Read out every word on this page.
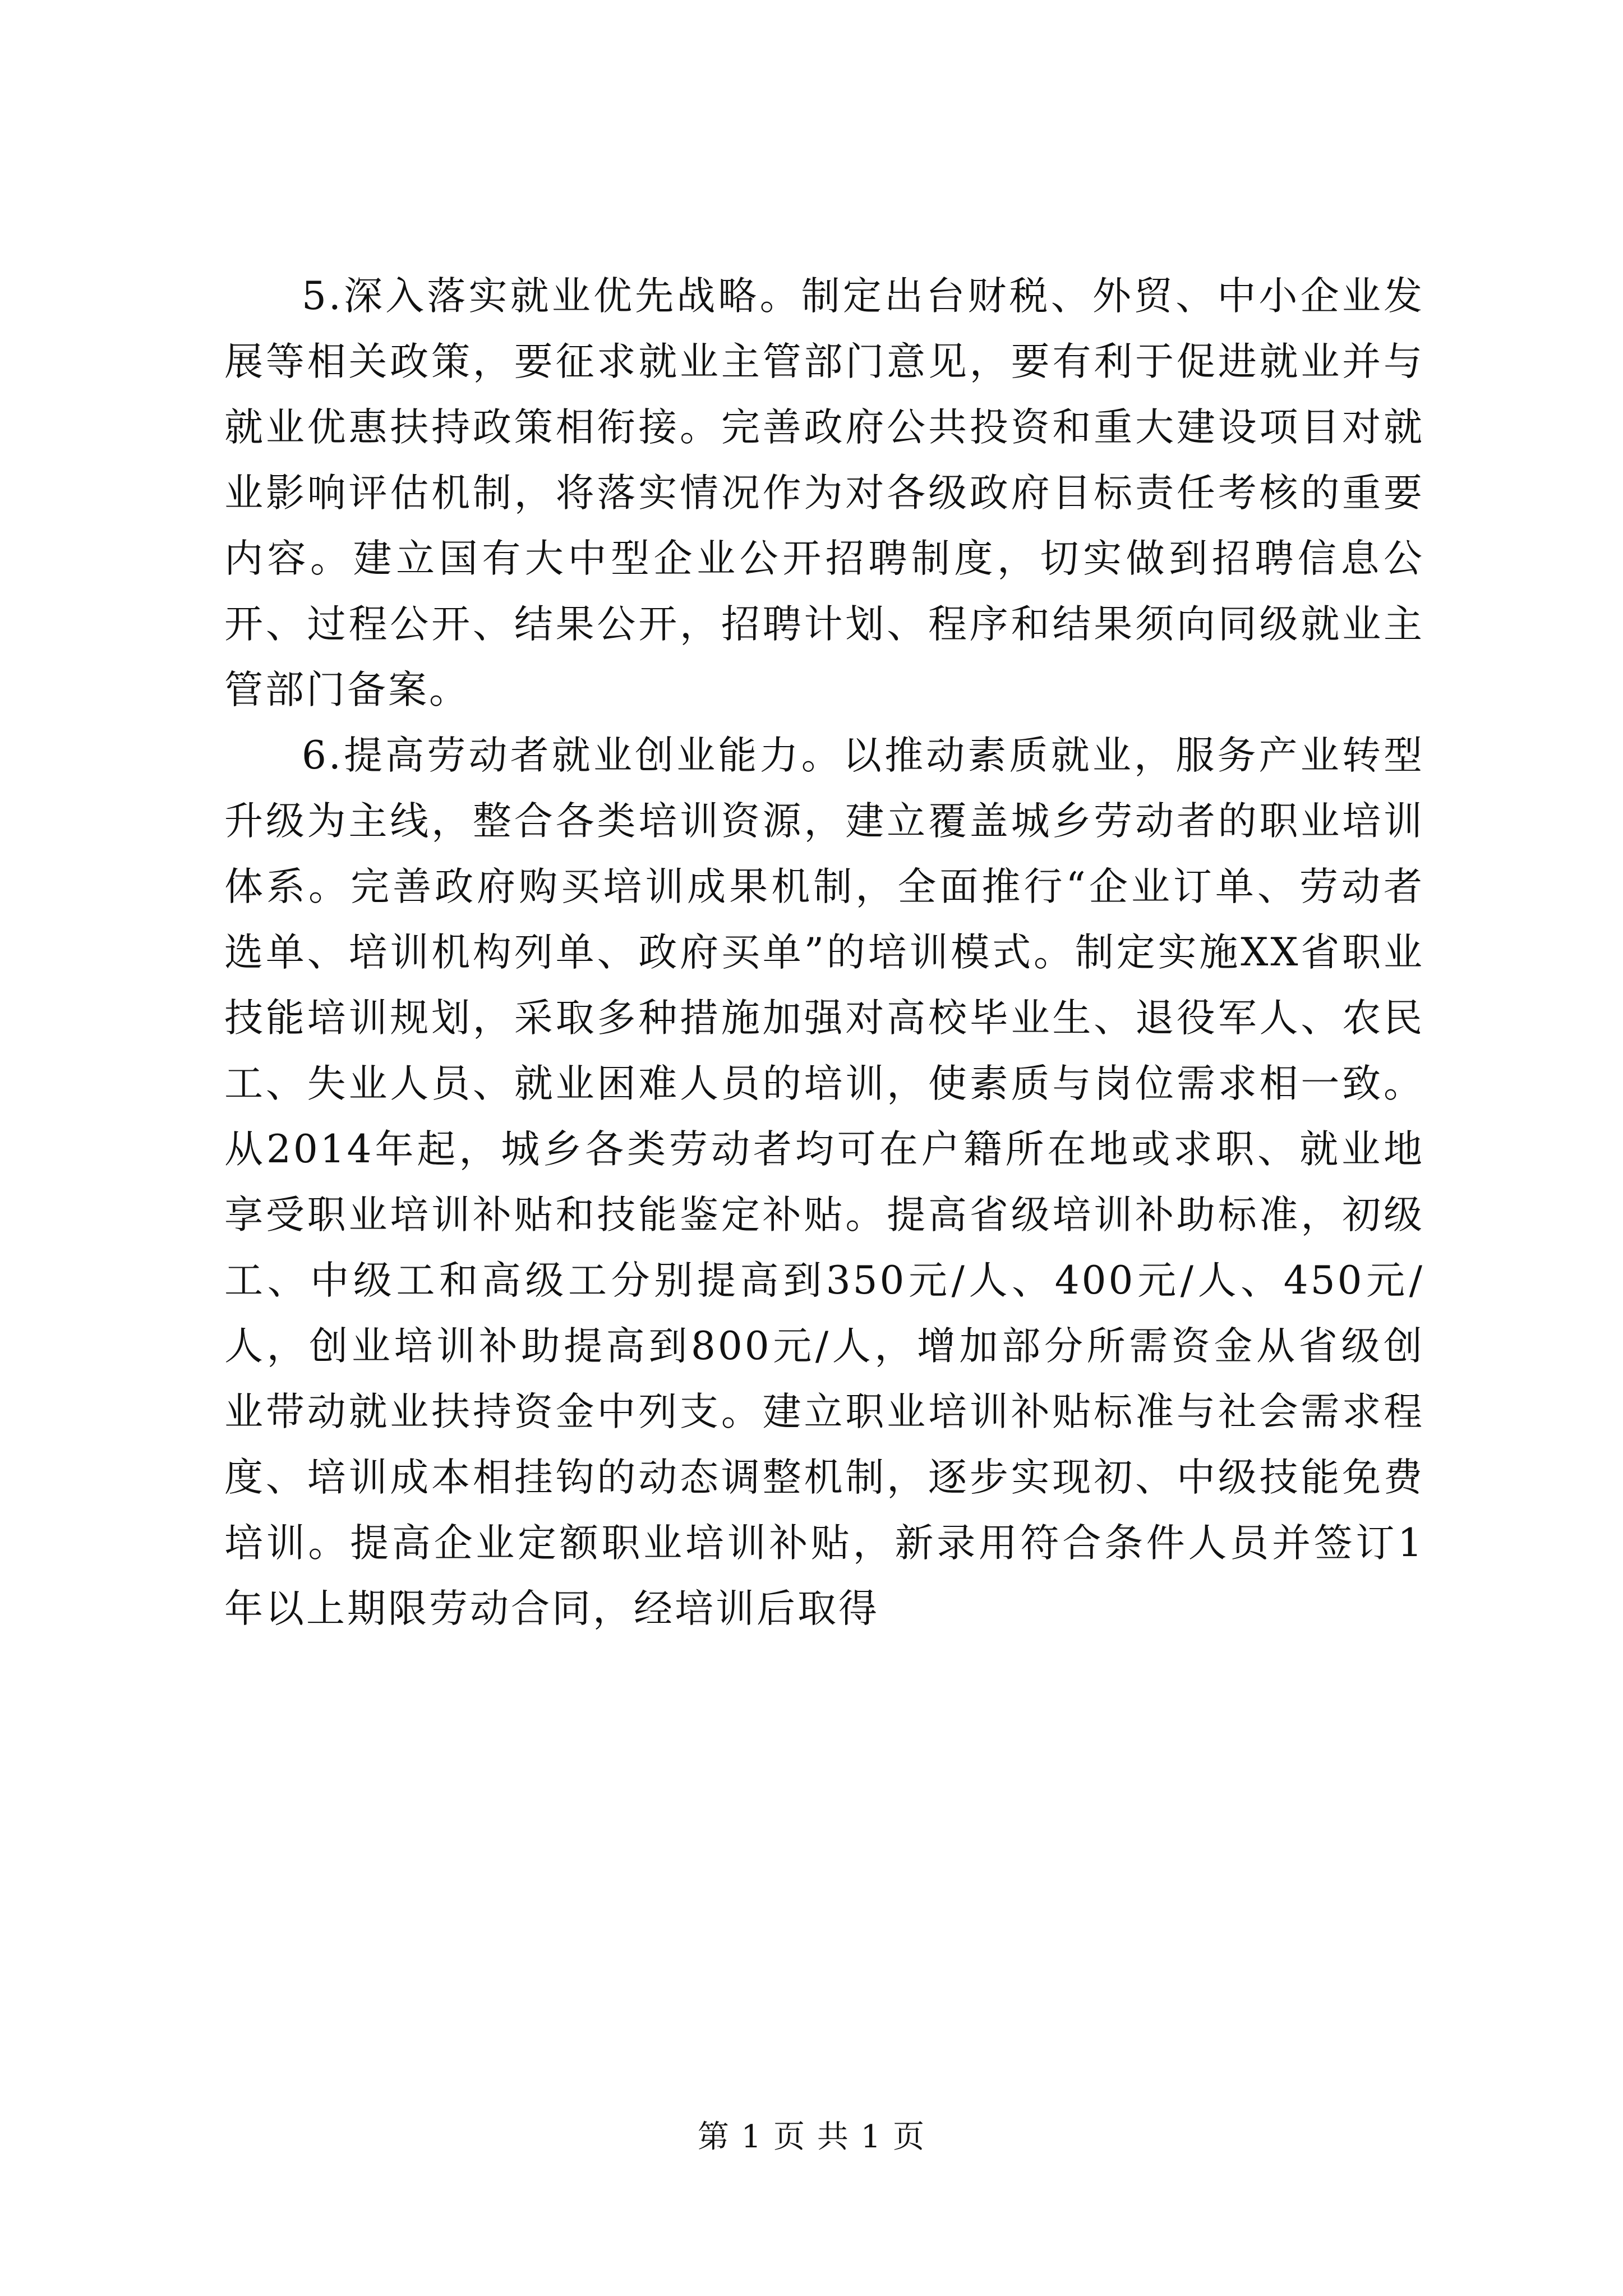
5.深入落实就业优先战略。制定出台财税、外贸、中小企业发展等相关政策，要征求就业主管部门意见，要有利于促进就业并与就业优惠扶持政策相衔接。完善政府公共投资和重大建设项目对就业影响评估机制，将落实情况作为对各级政府目标责任考核的重要内容。建立国有大中型企业公开招聘制度，切实做到招聘信息公开、过程公开、结果公开，招聘计划、程序和结果须向同级就业主管部门备案。

6.提高劳动者就业创业能力。以推动素质就业，服务产业转型升级为主线，整合各类培训资源，建立覆盖城乡劳动者的职业培训体系。完善政府购买培训成果机制，全面推行“企业订单、劳动者选单、培训机构列单、政府买单”的培训模式。制定实施XX省职业技能培训规划，采取多种措施加强对高校毕业生、退役军人、农民工、失业人员、就业困难人员的培训，使素质与岗位需求相一致。从2014年起，城乡各类劳动者均可在户籍所在地或求职、就业地享受职业培训补贴和技能鉴定补贴。提高省级培训补助标准，初级工、中级工和高级工分别提高到350元/人、400元/人、450元/人，创业培训补助提高到800元/人，增加部分所需资金从省级创业带动就业扶持资金中列支。建立职业培训补贴标准与社会需求程度、培训成本相挂钩的动态调整机制，逐步实现初、中级技能免费培训。提高企业定额职业培训补贴，新录用符合条件人员并签订1年以上期限劳动合同，经培训后取得

第 1 页 共 1 页
